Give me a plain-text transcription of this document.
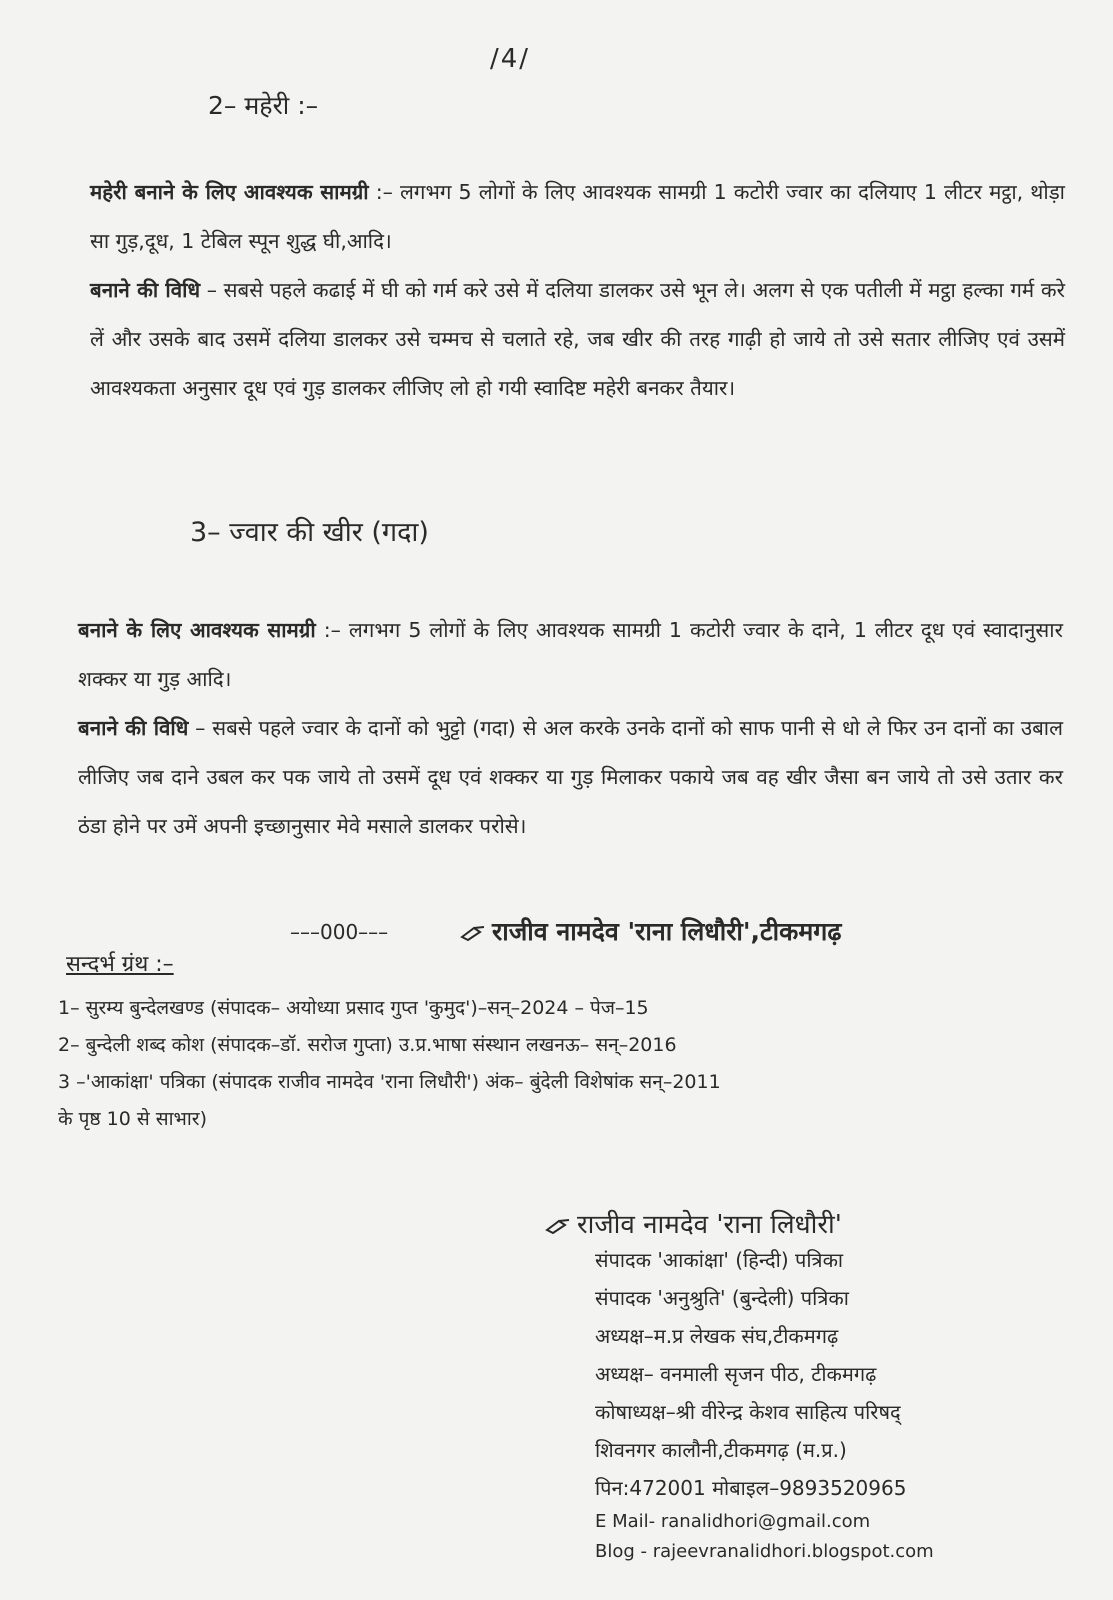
/4/
2– महेरी :–

महेरी बनाने के लिए आवश्यक सामग्री :– लगभग 5 लोगों के लिए आवश्यक सामग्री 1 कटोरी ज्वार का दलियाए 1 लीटर मट्ठा, थोड़ा सा गुड़,दूध, 1 टेबिल स्पून शुद्ध घी,आदि।

बनाने की विधि – सबसे पहले कढाई में घी को गर्म करे उसे में दलिया डालकर उसे भून ले। अलग से एक पतीली में मट्ठा हल्का गर्म करे लें और उसके बाद उसमें दलिया डालकर उसे चम्मच से चलाते रहे, जब खीर की तरह गाढ़ी हो जाये तो उसे सतार लीजिए एवं उसमें आवश्यकता अनुसार दूध एवं गुड़ डालकर लीजिए लो हो गयी स्वादिष्ट महेरी बनकर तैयार।

3– ज्वार की खीर (गदा)

बनाने के लिए आवश्यक सामग्री :– लगभग 5 लोगों के लिए आवश्यक सामग्री 1 कटोरी ज्वार के दाने, 1 लीटर दूध एवं स्वादानुसार शक्कर या गुड़ आदि।

बनाने की विधि – सबसे पहले ज्वार के दानों को भुट्टो (गदा) से अल करके उनके दानों को साफ पानी से धो ले फिर उन दानों का उबाल लीजिए जब दाने उबल कर पक जाये तो उसमें दूध एवं शक्कर या गुड़ मिलाकर पकाये जब वह खीर जैसा बन जाये तो उसे उतार कर ठंडा होने पर उमें अपनी इच्छानुसार मेवे मसाले डालकर परोसे।

–––000–––	राजीव नामदेव 'राना लिधौरी',टीकमगढ़
सन्दर्भ ग्रंथ :–
1– सुरम्य बुन्देलखण्ड (संपादक– अयोध्या प्रसाद गुप्त 'कुमुद')–सन्–2024 – पेज–15
2– बुन्देली शब्द कोश (संपादक–डॉ. सरोज गुप्ता) उ.प्र.भाषा संस्थान लखनऊ– सन्–2016
3 –'आकांक्षा' पत्रिका (संपादक राजीव नामदेव 'राना लिधौरी') अंक– बुंदेली विशेषांक सन्–2011
के पृष्ठ 10 से साभार)
राजीव नामदेव 'राना लिधौरी'
संपादक 'आकांक्षा' (हिन्दी) पत्रिका
संपादक 'अनुश्रुति' (बुन्देली) पत्रिका
अध्यक्ष–म.प्र लेखक संघ,टीकमगढ़
अध्यक्ष– वनमाली सृजन पीठ, टीकमगढ़
कोषाध्यक्ष–श्री वीरेन्द्र केशव साहित्य परिषद्
शिवनगर कालौनी,टीकमगढ़ (म.प्र.)
पिन:472001 मोबाइल–9893520965
E Mail- ranalidhori@gmail.com
Blog - rajeevranalidhori.blogspot.com
